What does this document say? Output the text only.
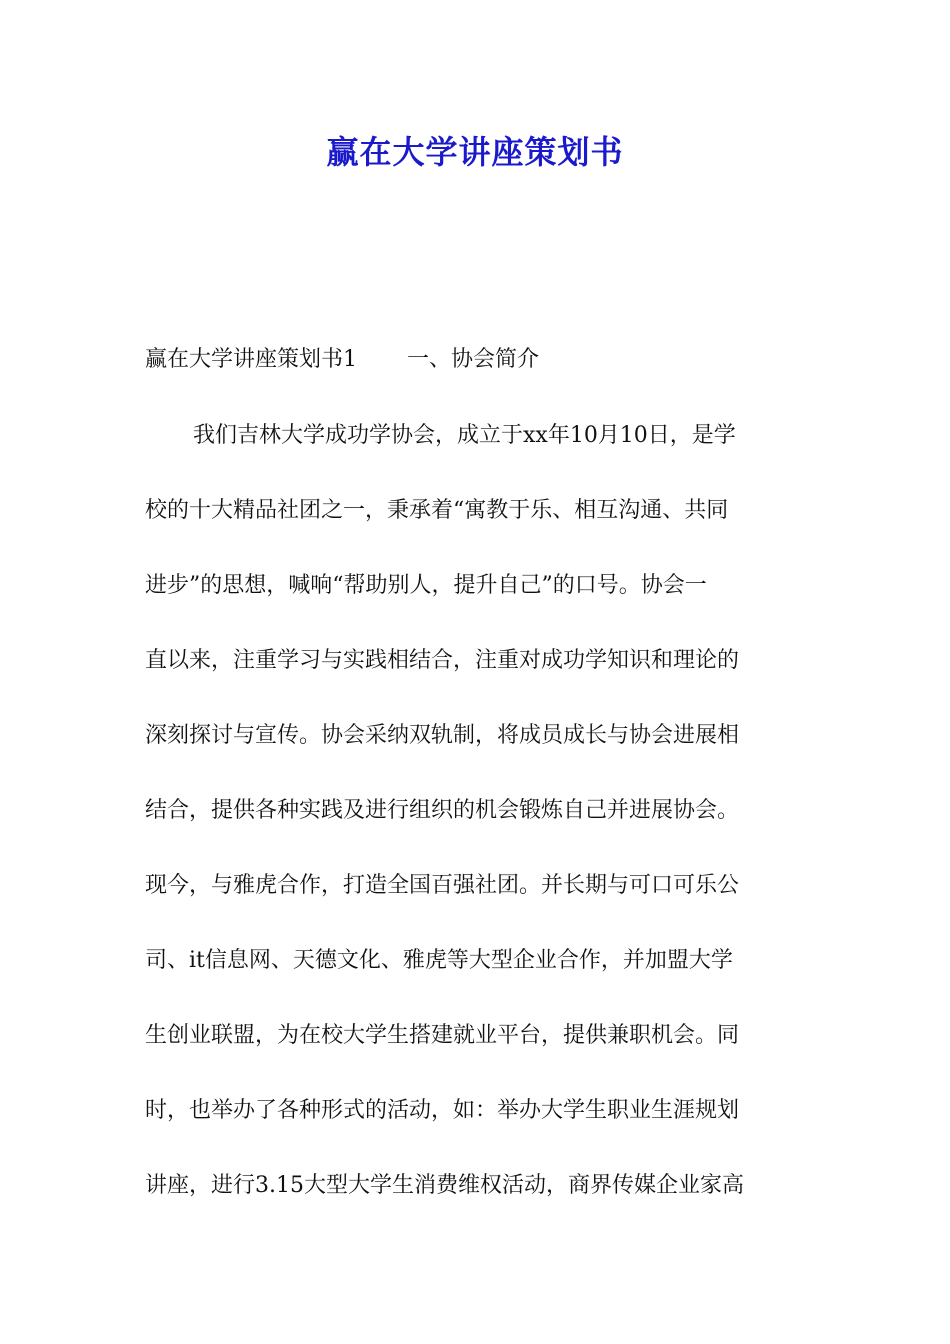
赢在大学讲座策划书
赢在大学讲座策划书1 一、协会简介
我们吉林大学成功学协会，成立于xx年10月10日，是学
校的十大精品社团之一，秉承着“寓教于乐、相互沟通、共同
进步”的思想，喊响“帮助别人，提升自己”的口号。协会一
直以来，注重学习与实践相结合，注重对成功学知识和理论的
深刻探讨与宣传。协会采纳双轨制，将成员成长与协会进展相
结合，提供各种实践及进行组织的机会锻炼自己并进展协会。
现今，与雅虎合作，打造全国百强社团。并长期与可口可乐公
司、it信息网、天德文化、雅虎等大型企业合作，并加盟大学
生创业联盟，为在校大学生搭建就业平台，提供兼职机会。同
时，也举办了各种形式的活动，如：举办大学生职业生涯规划
讲座，进行3.15大型大学生消费维权活动，商界传媒企业家高
